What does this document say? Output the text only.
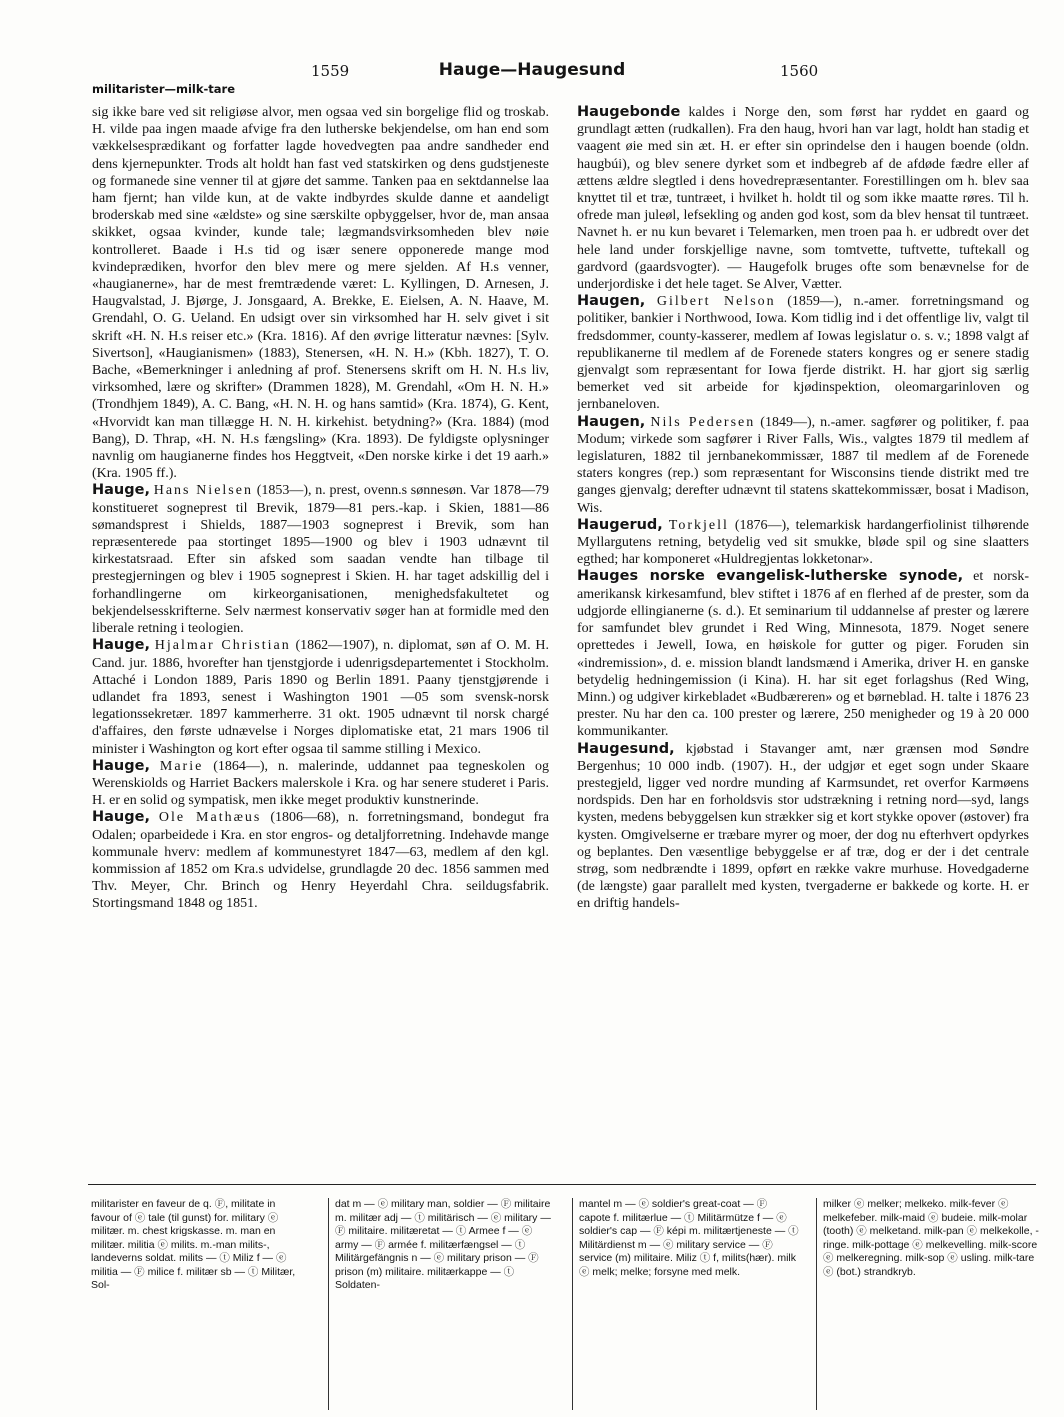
1559	Hauge—Haugesund	1560
militarister—milk-tare

sig ikke bare ved sit religiøse alvor, men ogsaa ved sin borgelige flid og troskab. H. vilde paa ingen maade afvige fra den lutherske bekjendelse, om han end som vækkelsesprædikant og forfatter lagde hovedvegten paa andre sandheder end dens kjernepunkter. Trods alt holdt han fast ved statskirken og dens gudstjeneste og formanede sine venner til at gjøre det samme. Tanken paa en sektdannelse laa ham fjernt; han vilde kun, at de vakte indbyrdes skulde danne et aandeligt broderskab med sine «ældste» og sine særskilte opbyggelser, hvor de, man ansaa skikket, ogsaa kvinder, kunde tale; lægmandsvirksomheden blev nøie kontrolleret. Baade i H.s tid og især senere opponerede mange mod kvindeprædiken, hvorfor den blev mere og mere sjelden. Af H.s venner, «haugianerne», har de mest fremtrædende været: L. Kyllingen, D. Arnesen, J. Haugvalstad, J. Bjørge, J. Jonsgaard, A. Brekke, E. Eielsen, A. N. Haave, M. Grendahl, O. G. Ueland. En udsigt over sin virksomhed har H. selv givet i sit skrift «H. N. H.s reiser etc.» (Kra. 1816). Af den øvrige litteratur nævnes: [Sylv. Sivertson], «Haugianismen» (1883), Stenersen, «H. N. H.» (Kbh. 1827), T. O. Bache, «Bemerkninger i anledning af prof. Stenersens skrift om H. N. H.s liv, virksomhed, lære og skrifter» (Drammen 1828), M. Grendahl, «Om H. N. H.» (Trondhjem 1849), A. C. Bang, «H. N. H. og hans samtid» (Kra. 1874), G. Kent, «Hvorvidt kan man tillægge H. N. H. kirkehist. betydning?» (Kra. 1884) (mod Bang), D. Thrap, «H. N. H.s fængsling» (Kra. 1893). De fyldigste oplysninger navnlig om haugianerne findes hos Heggtveit, «Den norske kirke i det 19 aarh.» (Kra. 1905 ff.).

Hauge, Hans Nielsen (1853—), n. prest, ovenn.s sønnesøn. Var 1878—79 konstitueret sogneprest til Brevik, 1879—81 pers.-kap. i Skien, 1881—86 sømandsprest i Shields, 1887—1903 sogneprest i Brevik, som han repræsenterede paa stortinget 1895—1900 og blev i 1903 udnævnt til kirkestatsraad. Efter sin afsked som saadan vendte han tilbage til prestegjerningen og blev i 1905 sogneprest i Skien. H. har taget adskillig del i forhandlingerne om kirkeorganisationen, menighedsfakultetet og bekjendelsesskrifterne. Selv nærmest konservativ søger han at formidle med den liberale retning i teologien.

Hauge, Hjalmar Christian (1862—1907), n. diplomat, søn af O. M. H. Cand. jur. 1886, hvorefter han tjenstgjorde i udenrigsdepartementet i Stockholm. Attaché i London 1889, Paris 1890 og Berlin 1891. Paany tjenstgjørende i udlandet fra 1893, senest i Washington 1901 —05 som svensk-norsk legationssekretær. 1897 kammerherre. 31 okt. 1905 udnævnt til norsk chargé d'affaires, den første udnævelse i Norges diplomatiske etat, 21 mars 1906 til minister i Washington og kort efter ogsaa til samme stilling i Mexico.

Hauge, Marie (1864—), n. malerinde, uddannet paa tegneskolen og Werenskiolds og Harriet Backers malerskole i Kra. og har senere studeret i Paris. H. er en solid og sympatisk, men ikke meget produktiv kunstnerinde.

Hauge, Ole Mathæus (1806—68), n. forretningsmand, bondegut fra Odalen; oparbeidede i Kra. en stor engros- og detaljforretning. Indehavde mange kommunale hverv: medlem af kommunestyret 1847—63, medlem af den kgl. kommission af 1852 om Kra.s udvidelse, grundlagde 20 dec. 1856 sammen med Thv. Meyer, Chr. Brinch og Henry Heyerdahl Chra. seildugsfabrik. Stortingsmand 1848 og 1851.

Haugebonde kaldes i Norge den, som først har ryddet en gaard og grundlagt ætten (rudkallen). Fra den haug, hvori han var lagt, holdt han stadig et vaagent øie med sin æt. H. er efter sin oprindelse den i haugen boende (oldn. haugbúi), og blev senere dyrket som et indbegreb af de afdøde fædre eller af ættens ældre slegtled i dens hovedrepræsentanter. Forestillingen om h. blev saa knyttet til et træ, tuntræet, i hvilket h. holdt til og som ikke maatte røres. Til h. ofrede man juleøl, lefsekling og anden god kost, som da blev hensat til tuntræet. Navnet h. er nu kun bevaret i Telemarken, men troen paa h. er udbredt over det hele land under forskjellige navne, som tomtvette, tuftvette, tuftekall og gardvord (gaardsvogter). — Haugefolk bruges ofte som benævnelse for de underjordiske i det hele taget. Se Alver, Vætter.

Haugen, Gilbert Nelson (1859—), n.-amer. forretningsmand og politiker, bankier i Northwood, Iowa. Kom tidlig ind i det offentlige liv, valgt til fredsdommer, county-kasserer, medlem af Iowas legislatur o. s. v.; 1898 valgt af republikanerne til medlem af de Forenede staters kongres og er senere stadig gjenvalgt som repræsentant for Iowa fjerde distrikt. H. har gjort sig særlig bemerket ved sit arbeide for kjødinspektion, oleomargarinloven og jernbaneloven.

Haugen, Nils Pedersen (1849—), n.-amer. sagfører og politiker, f. paa Modum; virkede som sagfører i River Falls, Wis., valgtes 1879 til medlem af legislaturen, 1882 til jernbanekommissær, 1887 til medlem af de Forenede staters kongres (rep.) som repræsentant for Wisconsins tiende distrikt med tre ganges gjenvalg; derefter udnævnt til statens skattekommissær, bosat i Madison, Wis.

Haugerud, Torkjell (1876—), telemarkisk hardangerfiolinist tilhørende Myllargutens retning, betydelig ved sit smukke, bløde spil og sine slaatters egthed; har komponeret «Huldregjentas lokketonar».

Hauges norske evangelisk-lutherske synode, et norsk-amerikansk kirkesamfund, blev stiftet i 1876 af en flerhed af de prester, som da udgjorde ellingianerne (s. d.). Et seminarium til uddannelse af prester og lærere for samfundet blev grundet i Red Wing, Minnesota, 1879. Noget senere oprettedes i Jewell, Iowa, en høiskole for gutter og piger. Foruden sin «indremission», d. e. mission blandt landsmænd i Amerika, driver H. en ganske betydelig hedningemission (i Kina). H. har sit eget forlagshus (Red Wing, Minn.) og udgiver kirkebladet «Budbæreren» og et børneblad. H. talte i 1876 23 prester. Nu har den ca. 100 prester og lærere, 250 menigheder og 19 à 20 000 kommunikanter.

Haugesund, kjøbstad i Stavanger amt, nær grænsen mod Søndre Bergenhus; 10 000 indb. (1907). H., der udgjør et eget sogn under Skaare prestegjeld, ligger ved nordre munding af Karmsundet, ret overfor Karmøens nordspids. Den har en forholdsvis stor udstrækning i retning nord—syd, langs kysten, medens bebyggelsen kun strækker sig et kort stykke opover (østover) fra kysten. Omgivelserne er træbare myrer og moer, der dog nu efterhvert opdyrkes og beplantes. Den væsentlige bebyggelse er af træ, dog er der i det centrale strøg, som nedbrændte i 1899, opført en række vakre murhuse. Hovedgaderne (de længste) gaar parallelt med kysten, tvergaderne er bakkede og korte. H. er en driftig handels-

militarister en faveur de q. Ⓕ, militate in favour of ⓔ tale (til gunst) for. military ⓔ militær. m. chest krigskasse. m. man en militær. militia ⓔ milits. m.-man milits-, landeverns soldat. milits — ⓣ Miliz f — ⓔ militia — Ⓕ milice f. militær sb — ⓣ Militær, Sol-

dat m — ⓔ military man, soldier — Ⓕ militaire m. militær adj — ⓣ militärisch — ⓔ military — Ⓕ militaire. militæretat — ⓣ Armee f — ⓔ army — Ⓕ armée f. militærfængsel — ⓣ Militärgefängnis n — ⓔ military prison — Ⓕ prison (m) militaire. militærkappe — ⓣ Soldaten-

mantel m — ⓔ soldier's great-coat — Ⓕ capote f. militærlue — ⓣ Militärmütze f — ⓔ soldier's cap — Ⓕ képi m. militærtjeneste — ⓣ Militärdienst m — ⓔ military service — Ⓕ service (m) militaire. Miliz ⓣ f, milits(hær). milk ⓔ melk; melke; forsyne med melk.

milker ⓔ melker; melkeko. milk-fever ⓔ melkefeber. milk-maid ⓔ budeie. milk-molar (tooth) ⓔ melketand. milk-pan ⓔ melkekolle, -ringe. milk-pottage ⓔ melkevelling. milk-score ⓔ melkeregning. milk-sop ⓔ usling. milk-tare ⓔ (bot.) strandkryb.
